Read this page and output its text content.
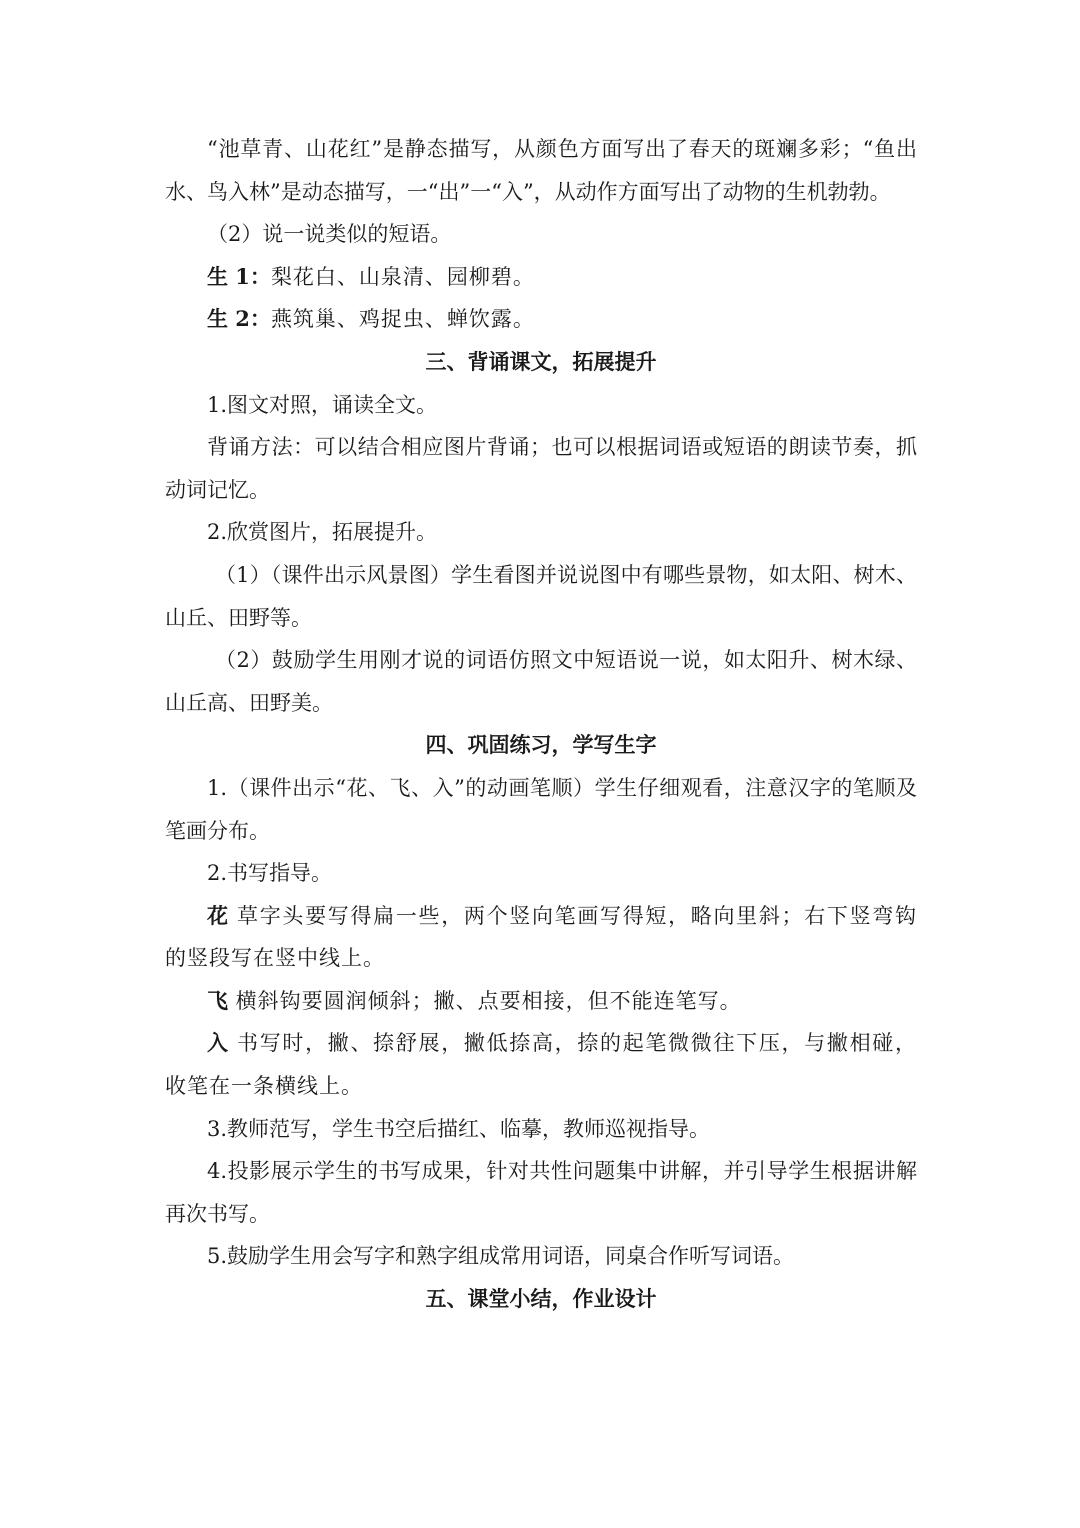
“池草青、山花红”是静态描写，从颜色方面写出了春天的斑斓多彩；“鱼出水、鸟入林”是动态描写，一“出”一“入”，从动作方面写出了动物的生机勃勃。

（2）说一说类似的短语。

生 1：梨花白、山泉清、园柳碧。

生 2：燕筑巢、鸡捉虫、蝉饮露。

三、背诵课文，拓展提升

1.图文对照，诵读全文。

背诵方法：可以结合相应图片背诵；也可以根据词语或短语的朗读节奏，抓动词记忆。

2.欣赏图片，拓展提升。

（1）（课件出示风景图）学生看图并说说图中有哪些景物，如太阳、树木、山丘、田野等。

（2）鼓励学生用刚才说的词语仿照文中短语说一说，如太阳升、树木绿、山丘高、田野美。

四、巩固练习，学写生字

1.（课件出示“花、飞、入”的动画笔顺）学生仔细观看，注意汉字的笔顺及笔画分布。

2.书写指导。

花 草字头要写得扁一些，两个竖向笔画写得短，略向里斜；右下竖弯钩的竖段写在竖中线上。

飞 横斜钩要圆润倾斜；撇、点要相接，但不能连笔写。

入 书写时，撇、捺舒展，撇低捺高，捺的起笔微微往下压，与撇相碰，收笔在一条横线上。

3.教师范写，学生书空后描红、临摹，教师巡视指导。

4.投影展示学生的书写成果，针对共性问题集中讲解，并引导学生根据讲解再次书写。

5.鼓励学生用会写字和熟字组成常用词语，同桌合作听写词语。

五、课堂小结，作业设计
